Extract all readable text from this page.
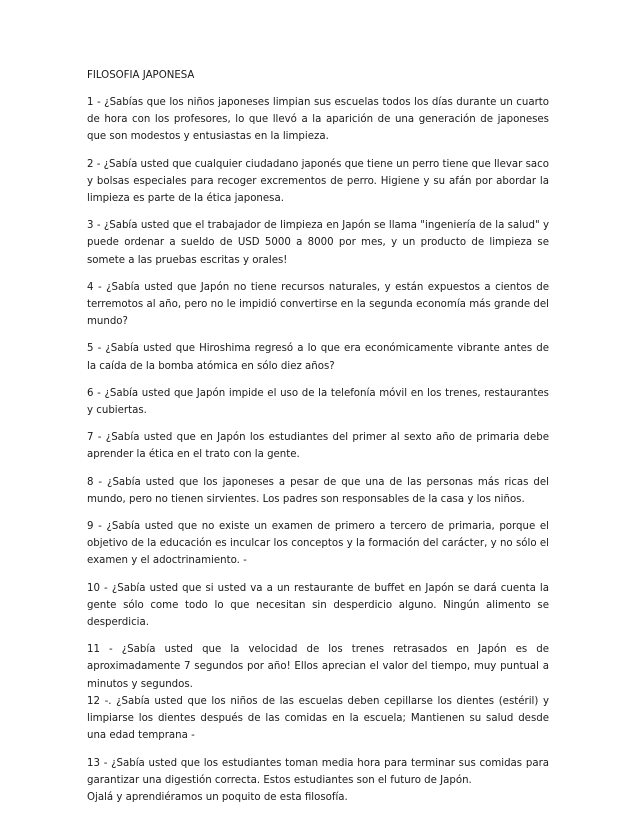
FILOSOFIA JAPONESA

1 - ¿Sabías que los niños japoneses limpian sus escuelas todos los días durante un cuarto de hora con los profesores, lo que llevó a la aparición de una generación de japoneses que son modestos y entusiastas en la limpieza.

2 - ¿Sabía usted que cualquier ciudadano japonés que tiene un perro tiene que llevar saco y bolsas especiales para recoger excrementos de perro. Higiene y su afán por abordar la limpieza es parte de la ética japonesa.

3 - ¿Sabía usted que el trabajador de limpieza en Japón se llama "ingeniería de la salud" y puede ordenar a sueldo de USD 5000 a 8000 por mes, y un producto de limpieza se somete a las pruebas escritas y orales!

4 - ¿Sabía usted que Japón no tiene recursos naturales, y están expuestos a cientos de terremotos al año, pero no le impidió convertirse en la segunda economía más grande del mundo?

5 - ¿Sabía usted que Hiroshima regresó a lo que era económicamente vibrante antes de la caída de la bomba atómica en sólo diez años?

6 - ¿Sabía usted que Japón impide el uso de la telefonía móvil en los trenes, restaurantes y cubiertas.

7 - ¿Sabía usted que en Japón los estudiantes del primer al sexto año de primaria debe aprender la ética en el trato con la gente.

8 - ¿Sabía usted que los japoneses a pesar de que una de las personas más ricas del mundo, pero no tienen sirvientes. Los padres son responsables de la casa y los niños.

9 - ¿Sabía usted que no existe un examen de primero a tercero de primaria, porque el objetivo de la educación es inculcar los conceptos y la formación del carácter, y no sólo el examen y el adoctrinamiento. -

10 - ¿Sabía usted que si usted va a un restaurante de buffet en Japón se dará cuenta la gente sólo come todo lo que necesitan sin desperdicio alguno. Ningún alimento se desperdicia.

11 - ¿Sabía usted que la velocidad de los trenes retrasados en Japón es de aproximadamente 7 segundos por año! Ellos aprecian el valor del tiempo, muy puntual a minutos y segundos.

12 -. ¿Sabía usted que los niños de las escuelas deben cepillarse los dientes (estéril) y limpiarse los dientes después de las comidas en la escuela; Mantienen su salud desde una edad temprana -

13 - ¿Sabía usted que los estudiantes toman media hora para terminar sus comidas para garantizar una digestión correcta. Estos estudiantes son el futuro de Japón.

Ojalá y aprendiéramos un poquito de esta filosofía.
